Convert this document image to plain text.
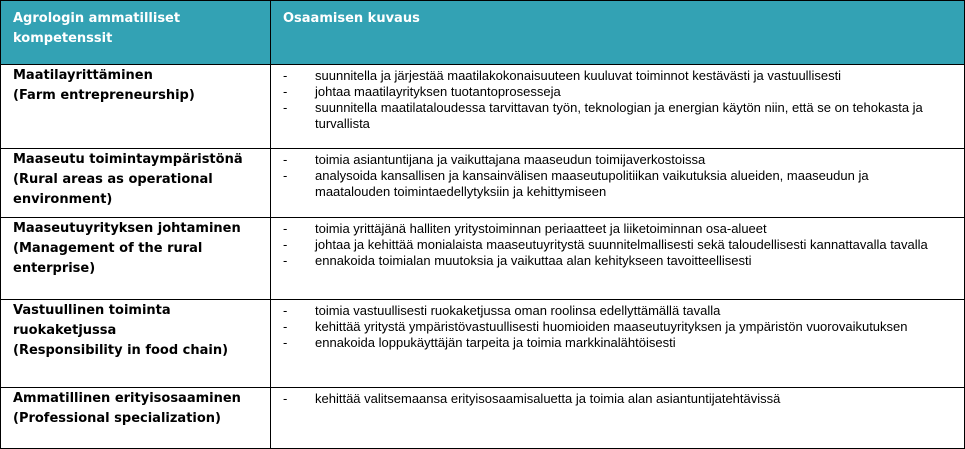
Agrologin ammatilliset kompetenssit
Osaamisen kuvaus
Maatilayrittäminen
(Farm entrepreneurship)
- suunnitella ja järjestää maatilakokonaisuuteen kuuluvat toiminnot kestävästi ja vastuullisesti
- johtaa maatilayrityksen tuotantoprosesseja
- suunnitella maatilataloudessa tarvittavan työn, teknologian ja energian käytön niin, että se on tehokasta ja turvallista
Maaseutu toimintaympäristönä
(Rural areas as operational environment)
- toimia asiantuntijana ja vaikuttajana maaseudun toimijaverkostoissa
- analysoida kansallisen ja kansainvälisen maaseutupolitiikan vaikutuksia alueiden, maaseudun ja maatalouden toimintaedellytyksiin ja kehittymiseen
Maaseutuyrityksen johtaminen
(Management of the rural enterprise)
- toimia yrittäjänä halliten yritystoiminnan periaatteet ja liiketoiminnan osa-alueet
- johtaa ja kehittää monialaista maaseutuyritystä suunnitelmallisesti sekä taloudellisesti kannattavalla tavalla
- ennakoida toimialan muutoksia ja vaikuttaa alan kehitykseen tavoitteellisesti
Vastuullinen toiminta ruokaketjussa
(Responsibility in food chain)
- toimia vastuullisesti ruokaketjussa oman roolinsa edellyttämällä tavalla
- kehittää yritystä ympäristövastuullisesti huomioiden maaseutuyrityksen ja ympäristön vuorovaikutuksen
- ennakoida loppukäyttäjän tarpeita ja toimia markkinalähtöisesti
Ammatillinen erityisosaaminen
(Professional specialization)
- kehittää valitsemaansa erityisosaamisaluetta ja toimia alan asiantuntijatehtävissä
